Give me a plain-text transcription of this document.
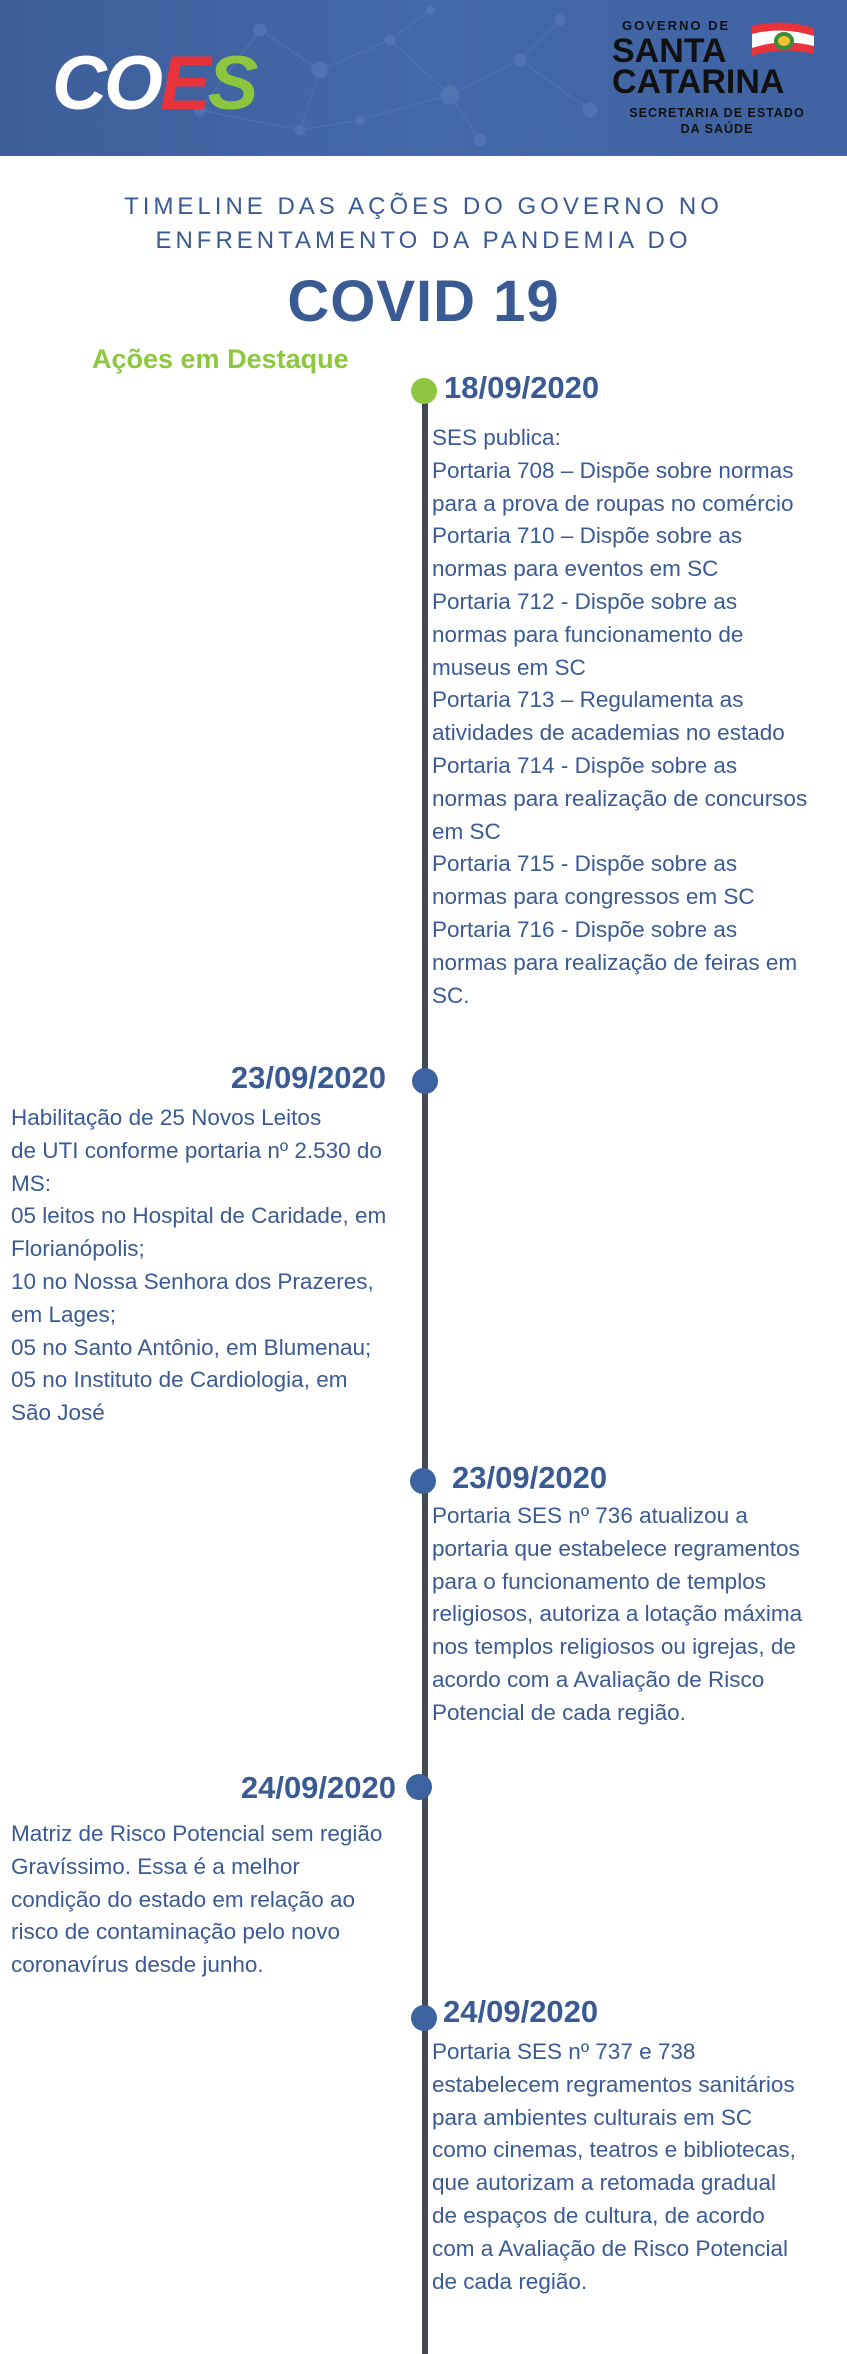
COES
GOVERNO DE
SANTA
CATARINA
SECRETARIA DE ESTADO
DA SAÚDE
TIMELINE DAS AÇÕES DO GOVERNO NO
ENFRENTAMENTO DA PANDEMIA DO
COVID 19
Ações em Destaque
18/09/2020
SES publica:
Portaria 708 – Dispõe sobre normas
para a prova de roupas no comércio
Portaria 710 – Dispõe sobre as
normas para eventos em SC
Portaria 712 - Dispõe sobre as
normas para funcionamento de
museus em SC
Portaria 713 – Regulamenta as
atividades de academias no estado
Portaria 714 - Dispõe sobre as
normas para realização de concursos
em SC
Portaria 715 - Dispõe sobre as
normas para congressos em SC
Portaria 716 - Dispõe sobre as
normas para realização de feiras em
SC.
23/09/2020
Habilitação de 25 Novos Leitos
de UTI conforme portaria nº 2.530 do
MS:
05 leitos no Hospital de Caridade, em
Florianópolis;
10 no Nossa Senhora dos Prazeres,
em Lages;
05 no Santo Antônio, em Blumenau;
05 no Instituto de Cardiologia, em
São José
23/09/2020
Portaria SES nº 736 atualizou a
portaria que estabelece regramentos
para o funcionamento de templos
religiosos, autoriza a lotação máxima
nos templos religiosos ou igrejas, de
acordo com a Avaliação de Risco
Potencial de cada região.
24/09/2020
Matriz de Risco Potencial sem região
Gravíssimo. Essa é a melhor
condição do estado em relação ao
risco de contaminação pelo novo
coronavírus desde junho.
24/09/2020
Portaria SES nº 737 e 738
estabelecem regramentos sanitários
para ambientes culturais em SC
como cinemas, teatros e bibliotecas,
que autorizam a retomada gradual
de espaços de cultura, de acordo
com a Avaliação de Risco Potencial
de cada região.
